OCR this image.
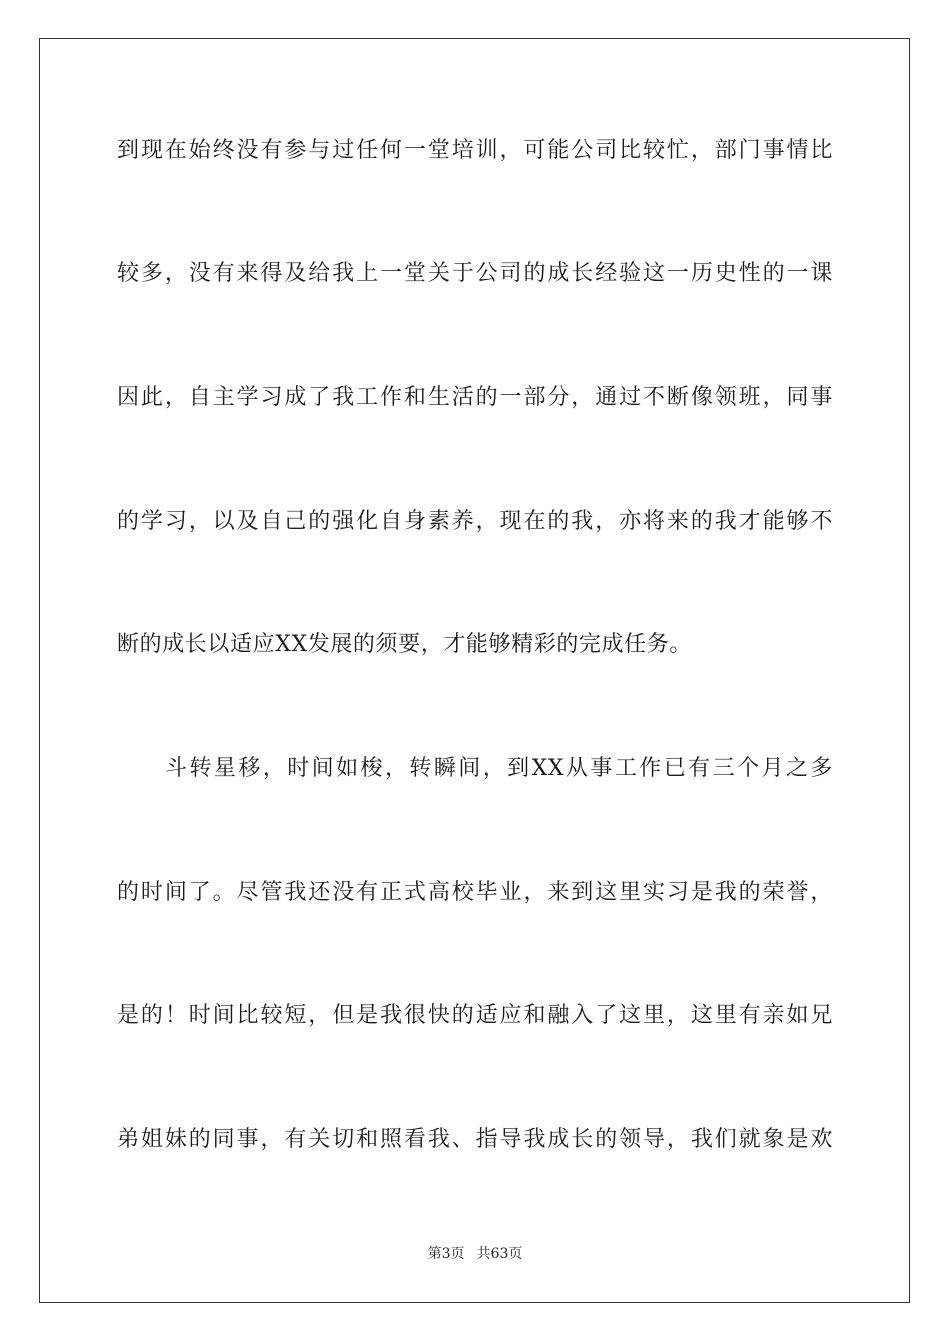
到现在始终没有参与过任何一堂培训，可能公司比较忙，部门事情比
较多，没有来得及给我上一堂关于公司的成长经验这一历史性的一课
因此，自主学习成了我工作和生活的一部分，通过不断像领班，同事
的学习，以及自己的强化自身素养，现在的我，亦将来的我才能够不
断的成长以适应XX发展的须要，才能够精彩的完成任务。
斗转星移，时间如梭，转瞬间，到XX从事工作已有三个月之多
的时间了。尽管我还没有正式高校毕业，来到这里实习是我的荣誉，
是的！时间比较短，但是我很快的适应和融入了这里，这里有亲如兄
弟姐妹的同事，有关切和照看我、指导我成长的领导，我们就象是欢
第3页 共63页
